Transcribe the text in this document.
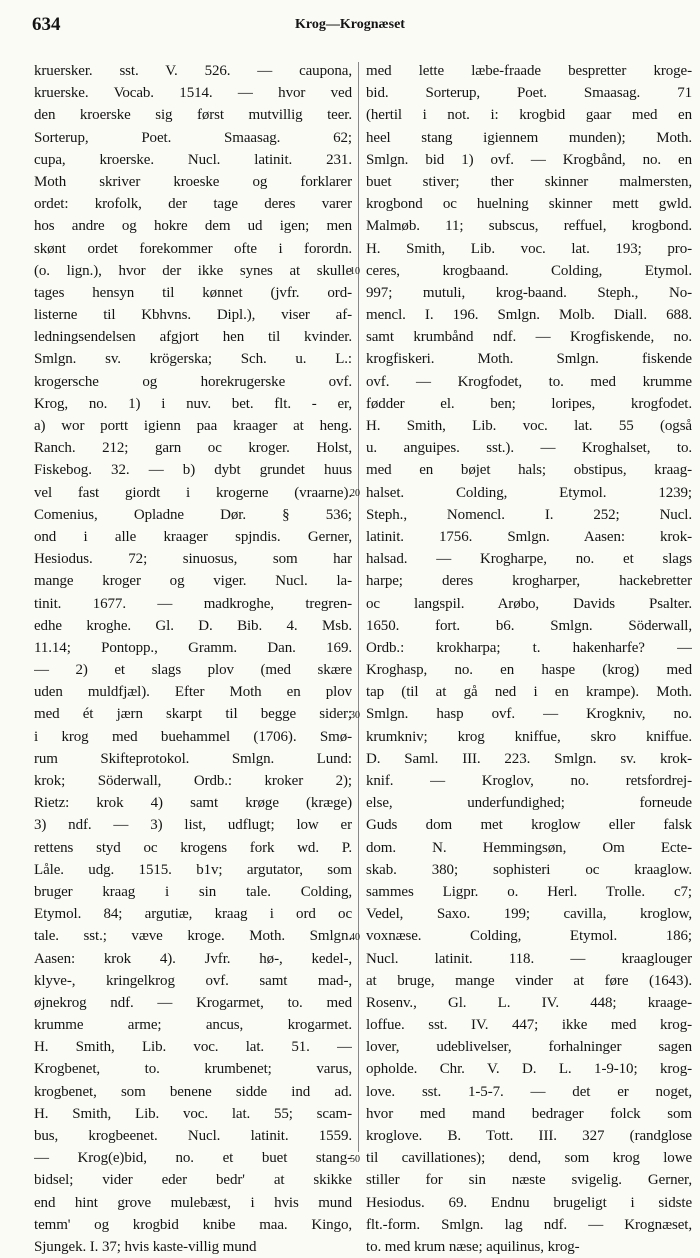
634	Krog—Krognæset
kruersker. sst. V. 526. — caupona,
kruerske. Vocab. 1514. — hvor ved
den kroerske sig først mutvillig teer.
Sorterup, Poet. Smaasag. 62;
cupa, kroerske. Nucl. latinit. 231.
Moth skriver kroeske og forklarer
ordet: krofolk, der tage deres varer
hos andre og hokre dem ud igen; men
skønt ordet forekommer ofte i forordn.
(o. lign.), hvor der ikke synes at skulle
tages hensyn til kønnet (jvfr. ord-
listerne til Kbhvns. Dipl.), viser af-
ledningsendelsen afgjort hen til kvinder.
Smlgn. sv. krögerska; Sch. u. L.:
krogersche og horekrugerske ovf.
Krog, no. 1) i nuv. bet. flt. - er,
a) wor portt igienn paa kraager at heng.
Ranch. 212; garn oc kroger. Holst,
Fiskebog. 32. — b) dybt grundet huus
vel fast giordt i krogerne (vraarne).
Comenius, Opladne Dør. § 536;
ond i alle kraager spjndis. Gerner,
Hesiodus. 72; sinuosus, som har
mange kroger og viger. Nucl. la-
tinit. 1677. — madkroghe, tregren-
edhe kroghe. Gl. D. Bib. 4. Msb.
11.14; Pontopp., Gramm. Dan. 169.
— 2) et slags plov (med skære
uden muldfjæl). Efter Moth en plov
med ét jærn skarpt til begge sider;
i krog med buehammel (1706). Smø-
rum Skifteprotokol. Smlgn. Lund:
krok; Söderwall, Ordb.: kroker 2);
Rietz: krok 4) samt krøge (kræge)
3) ndf. — 3) list, udflugt; low er
rettens styd oc krogens fork wd. P.
Låle. udg. 1515. b1v; argutator, som
bruger kraag i sin tale. Colding,
Etymol. 84; argutiæ, kraag i ord oc
tale. sst.; væve kroge. Moth. Smlgn.
Aasen: krok 4). Jvfr. hø-, kedel-,
klyve-, kringelkrog ovf. samt mad-,
øjnekrog ndf. — Krogarmet, to. med
krumme arme; ancus, krogarmet.
H. Smith, Lib. voc. lat. 51. —
Krogbenet, to. krumbenet; varus,
krogbenet, som benene sidde ind ad.
H. Smith, Lib. voc. lat. 55; scam-
bus, krogbeenet. Nucl. latinit. 1559.
— Krog(e)bid, no. et buet stang-
bidsel; vider eder bedr' at skikke
end hint grove mulebæst, i hvis mund
temm' og krogbid knibe maa. Kingo,
Sjungek. I. 37; hvis kaste-villig mund
med lette læbe-fraade bespretter kroge-
bid. Sorterup, Poet. Smaasag. 71
(hertil i not. i: krogbid gaar med en
heel stang igiennem munden); Moth.
Smlgn. bid 1) ovf. — Krogbånd, no. en
buet stiver; ther skinner malmersten,
krogbond oc huelning skinner mett gwld.
Malmøb. 11; subscus, reffuel, krogbond.
H. Smith, Lib. voc. lat. 193; pro-
ceres, krogbaand. Colding, Etymol.
997; mutuli, krog-baand. Steph., No-
mencl. I. 196. Smlgn. Molb. Diall. 688.
samt krumbånd ndf. — Krogfiskende, no.
krogfiskeri. Moth. Smlgn. fiskende
ovf. — Krogfodet, to. med krumme
fødder el. ben; loripes, krogfodet.
H. Smith, Lib. voc. lat. 55 (også
u. anguipes. sst.). — Kroghalset, to.
med en bøjet hals; obstipus, kraag-
halset. Colding, Etymol. 1239;
Steph., Nomencl. I. 252; Nucl.
latinit. 1756. Smlgn. Aasen: krok-
halsad. — Krogharpe, no. et slags
harpe; deres krogharper, hackebretter
oc langspil. Arøbo, Davids Psalter.
1650. fort. b6. Smlgn. Söderwall,
Ordb.: krokharpa; t. hakenharfe? —
Kroghasp, no. en haspe (krog) med
tap (til at gå ned i en krampe). Moth.
Smlgn. hasp ovf. — Krogkniv, no.
krumkniv; krog kniffue, skro kniffue.
D. Saml. III. 223. Smlgn. sv. krok-
knif. — Kroglov, no. retsfordrej-
else, underfundighed; forneude
Guds dom met kroglow eller falsk
dom. N. Hemmingsøn, Om Ecte-
skab. 380; sophisteri oc kraaglow.
sammes Ligpr. o. Herl. Trolle. c7;
Vedel, Saxo. 199; cavilla, kroglow,
voxnæse. Colding, Etymol. 186;
Nucl. latinit. 118. — kraaglouger
at bruge, mange vinder at føre (1643).
Rosenv., Gl. L. IV. 448; kraage-
loffue. sst. IV. 447; ikke med krog-
lover, udeblivelser, forhalninger sagen
opholde. Chr. V. D. L. 1-9-10; krog-
love. sst. 1-5-7. — det er noget,
hvor med mand bedrager folck som
kroglove. B. Tott. III. 327 (randglose
til cavillationes); dend, som krog lowe
stiller for sin næste svigelig. Gerner,
Hesiodus. 69. Endnu brugeligt i sidste
flt.-form. Smlgn. lag ndf. — Krognæset,
to. med krum næse; aquilinus, krog-
10
20
30
40
50
